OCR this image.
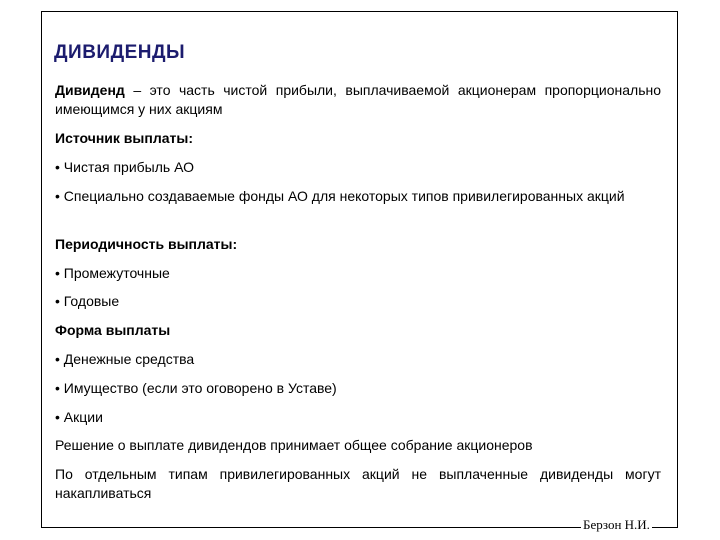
ДИВИДЕНДЫ

Дивиденд – это часть чистой прибыли, выплачиваемой акционерам пропорционально имеющимся у них акциям

Источник выплаты:

• Чистая прибыль АО

• Специально создаваемые фонды АО для некоторых типов привилегированных акций

Периодичность выплаты:

• Промежуточные

• Годовые

Форма выплаты

• Денежные средства

• Имущество (если это оговорено в Уставе)

• Акции

Решение о выплате дивидендов принимает общее собрание акционеров

По отдельным типам привилегированных акций не выплаченные дивиденды могут накапливаться

Берзон Н.И.
